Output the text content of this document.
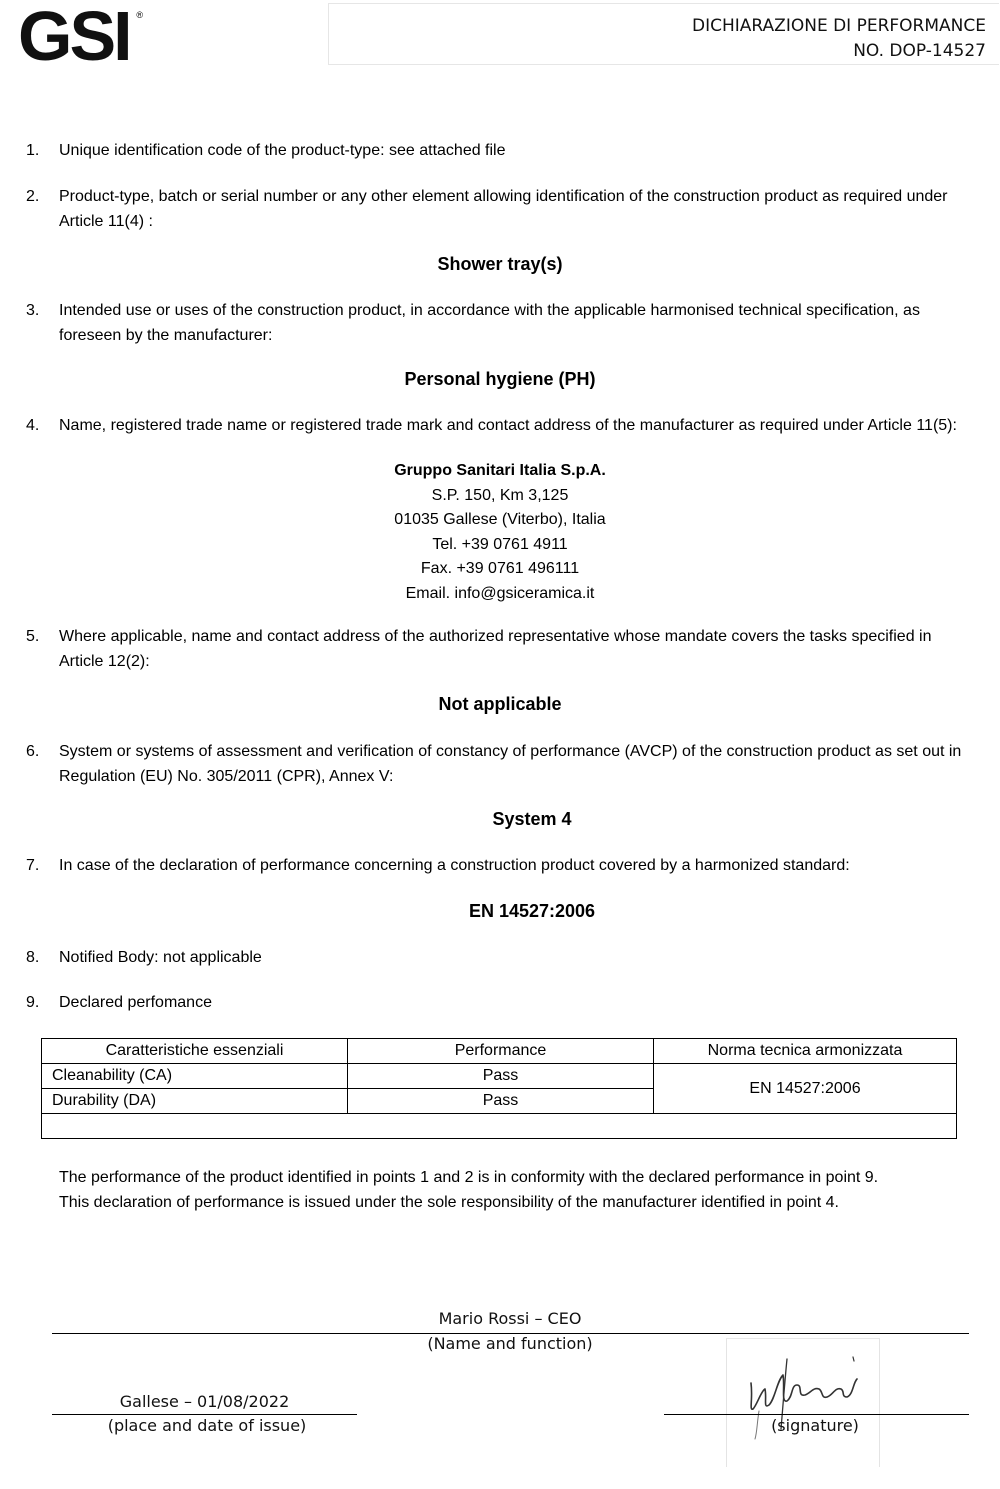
GSI ®
DICHIARAZIONE DI PERFORMANCE
NO. DOP-14527
1. Unique identification code of the product-type: see attached file
2. Product-type, batch or serial number or any other element allowing identification of the construction product as required under Article 11(4) :
Shower tray(s)
3. Intended use or uses of the construction product, in accordance with the applicable harmonised technical specification, as foreseen by the manufacturer:
Personal hygiene (PH)
4. Name, registered trade name or registered trade mark and contact address of the manufacturer as required under Article 11(5):
Gruppo Sanitari Italia S.p.A.
S.P. 150, Km 3,125
01035 Gallese (Viterbo), Italia
Tel. +39 0761 4911
Fax. +39 0761 496111
Email. info@gsiceramica.it
5. Where applicable, name and contact address of the authorized representative whose mandate covers the tasks specified in Article 12(2):
Not applicable
6. System or systems of assessment and verification of constancy of performance (AVCP) of the construction product as set out in Regulation (EU) No. 305/2011 (CPR), Annex V:
System 4
7. In case of the declaration of performance concerning a construction product covered by a harmonized standard:
EN 14527:2006
8. Notified Body: not applicable
9. Declared perfomance
Caratteristiche essenziali	Performance	Norma tecnica armonizzata
Cleanability (CA)	Pass	EN 14527:2006
Durability (DA)	Pass	

The performance of the product identified in points 1 and 2 is in conformity with the declared performance in point 9.
This declaration of performance is issued under the sole responsibility of the manufacturer identified in point 4.
Mario Rossi – CEO
(Name and function)
Gallese – 01/08/2022
(place and date of issue)	(signature)
